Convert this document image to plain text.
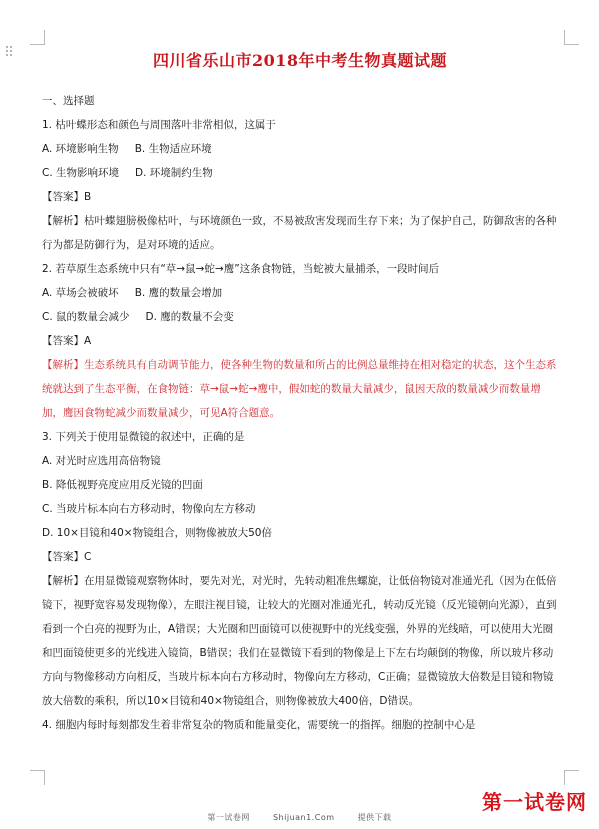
四川省乐山市2018年中考生物真题试题
一、选择题
1. 枯叶蝶形态和颜色与周围落叶非常相似，这属于
A. 环境影响生物 B. 生物适应环境
C. 生物影响环境 D. 环境制约生物
【答案】B

【解析】枯叶蝶翅膀极像枯叶，与环境颜色一致，不易被敌害发现而生存下来；为了保护自己，防御敌害的各种行为都是防御行为，是对环境的适应。

2. 若草原生态系统中只有“草→鼠→蛇→鹰”这条食物链，当蛇被大量捕杀，一段时间后
A. 草场会被破坏 B. 鹰的数量会增加
C. 鼠的数量会减少 D. 鹰的数量不会变
【答案】A

【解析】生态系统具有自动调节能力，使各种生物的数量和所占的比例总量维持在相对稳定的状态，这个生态系统就达到了生态平衡，在食物链：草→鼠→蛇→鹰中，假如蛇的数量大量减少，鼠因天敌的数量减少而数量增加，鹰因食物蛇减少而数量减少，可见A符合题意。

3. 下列关于使用显微镜的叙述中，正确的是
A. 对光时应选用高倍物镜
B. 降低视野亮度应用反光镜的凹面
C. 当玻片标本向右方移动时，物像向左方移动
D. 10×目镜和40×物镜组合，则物像被放大50倍
【答案】C

【解析】在用显微镜观察物体时，要先对光，对光时，先转动粗准焦螺旋，让低倍物镜对准通光孔（因为在低倍镜下，视野宽容易发现物像），左眼注视目镜，让较大的光圈对准通光孔，转动反光镜（反光镜朝向光源），直到看到一个白亮的视野为止，A错误；大光圈和凹面镜可以使视野中的光线变强，外界的光线暗，可以使用大光圈和凹面镜使更多的光线进入镜筒，B错误；我们在显微镜下看到的物像是上下左右均颠倒的物像，所以玻片移动方向与物像移动方向相反，当玻片标本向右方移动时，物像向左方移动，C正确；显微镜放大倍数是目镜和物镜放大倍数的乘积，所以10×目镜和40×物镜组合，则物像被放大400倍，D错误。

4. 细胞内每时每刻都发生着非常复杂的物质和能量变化，需要统一的指挥。细胞的控制中心是
第一试卷网	Shijuan1.Com	提供下载
第一试卷网
